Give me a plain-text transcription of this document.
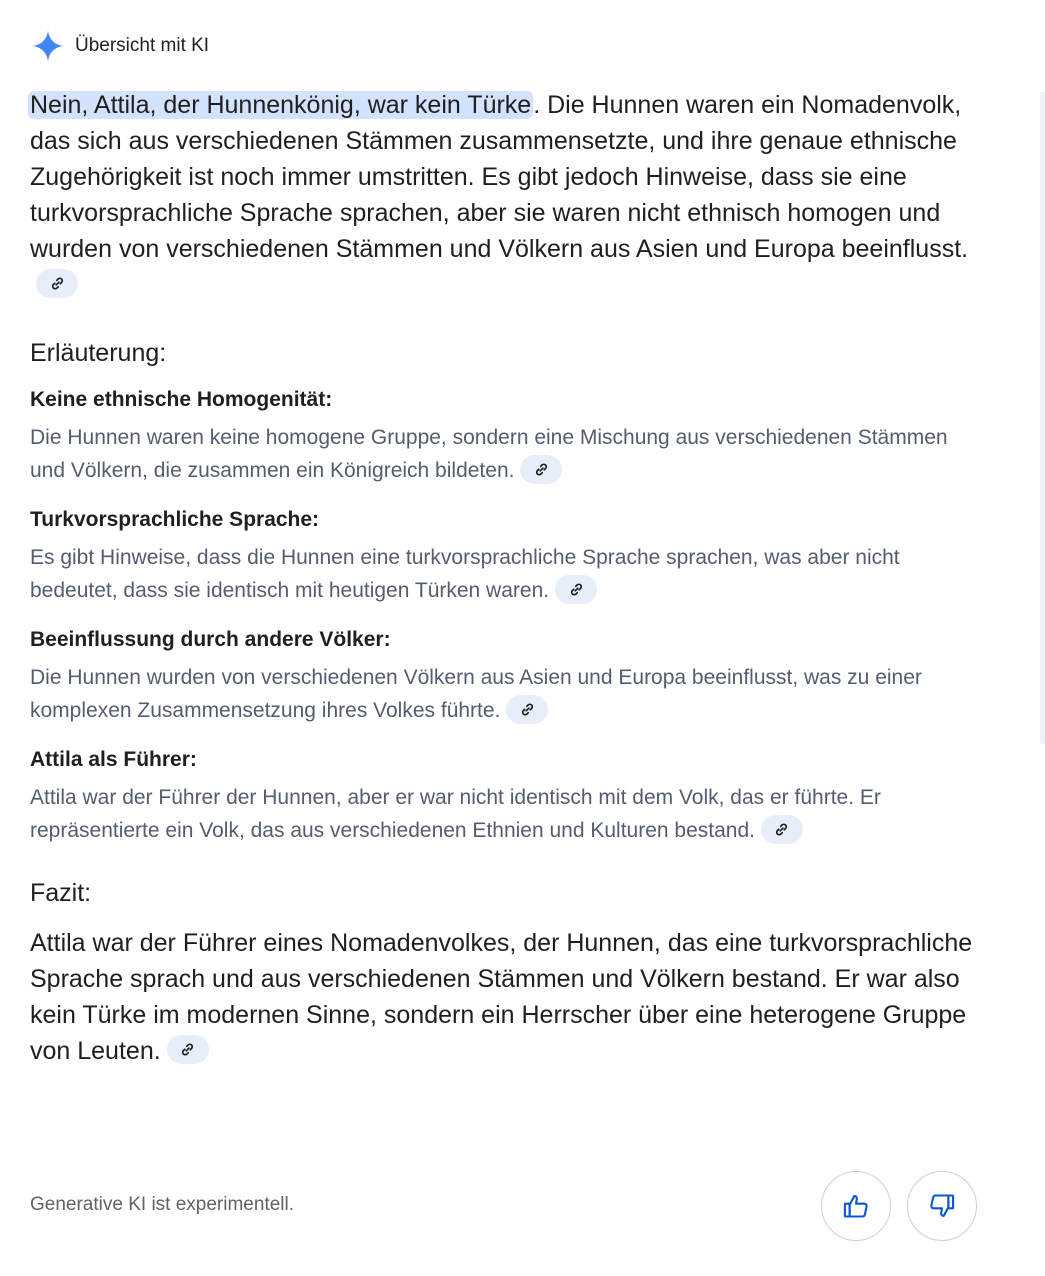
Übersicht mit KI

Nein, Attila, der Hunnenkönig, war kein Türke. Die Hunnen waren ein Nomadenvolk, das sich aus verschiedenen Stämmen zusammensetzte, und ihre genaue ethnische Zugehörigkeit ist noch immer umstritten. Es gibt jedoch Hinweise, dass sie eine turkvorsprachliche Sprache sprachen, aber sie waren nicht ethnisch homogen und wurden von verschiedenen Stämmen und Völkern aus Asien und Europa beeinflusst.

Erläuterung:

Keine ethnische Homogenität:

Die Hunnen waren keine homogene Gruppe, sondern eine Mischung aus verschiedenen Stämmen und Völkern, die zusammen ein Königreich bildeten.

Turkvorsprachliche Sprache:

Es gibt Hinweise, dass die Hunnen eine turkvorsprachliche Sprache sprachen, was aber nicht bedeutet, dass sie identisch mit heutigen Türken waren.

Beeinflussung durch andere Völker:

Die Hunnen wurden von verschiedenen Völkern aus Asien und Europa beeinflusst, was zu einer komplexen Zusammensetzung ihres Volkes führte.

Attila als Führer:

Attila war der Führer der Hunnen, aber er war nicht identisch mit dem Volk, das er führte. Er repräsentierte ein Volk, das aus verschiedenen Ethnien und Kulturen bestand.

Fazit:

Attila war der Führer eines Nomadenvolkes, der Hunnen, das eine turkvorsprachliche Sprache sprach und aus verschiedenen Stämmen und Völkern bestand. Er war also kein Türke im modernen Sinne, sondern ein Herrscher über eine heterogene Gruppe von Leuten.

Generative KI ist experimentell.
